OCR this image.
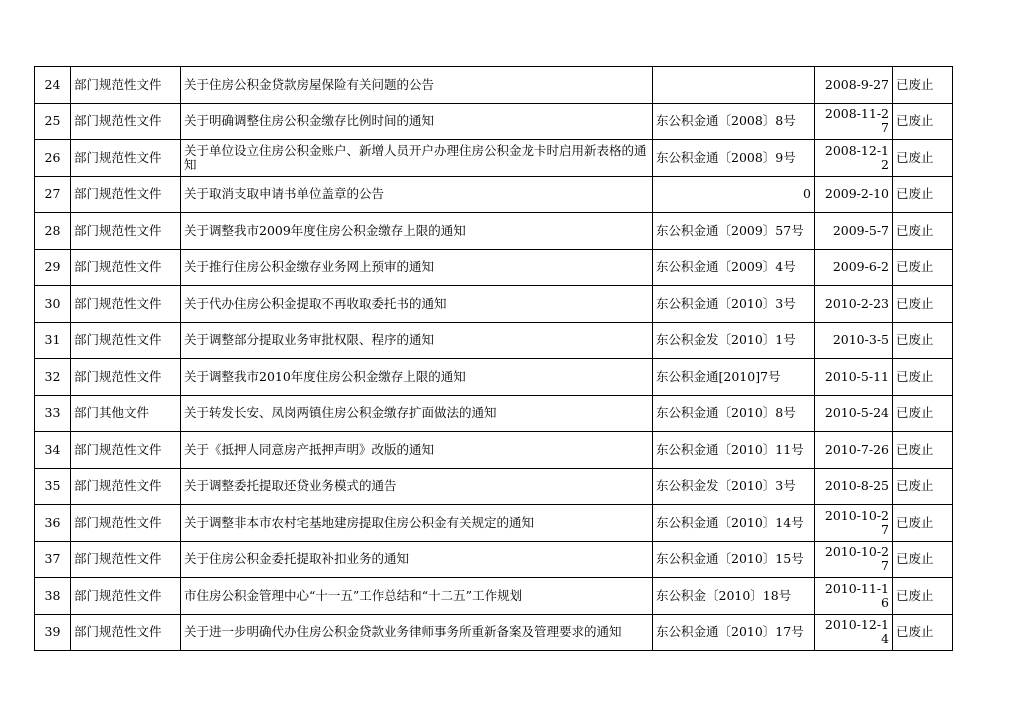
24	部门规范性文件	关于住房公积金贷款房屋保险有关问题的公告		2008-9-27	已废止
25	部门规范性文件	关于明确调整住房公积金缴存比例时间的通知	东公积金通〔2008〕8号	2008-11-27	已废止
26	部门规范性文件	关于单位设立住房公积金账户、新增人员开户办理住房公积金龙卡时启用新表格的通知	东公积金通〔2008〕9号	2008-12-12	已废止
27	部门规范性文件	关于取消支取申请书单位盖章的公告	0	2009-2-10	已废止
28	部门规范性文件	关于调整我市2009年度住房公积金缴存上限的通知	东公积金通〔2009〕57号	2009-5-7	已废止
29	部门规范性文件	关于推行住房公积金缴存业务网上预审的通知	东公积金通〔2009〕4号	2009-6-2	已废止
30	部门规范性文件	关于代办住房公积金提取不再收取委托书的通知	东公积金通〔2010〕3号	2010-2-23	已废止
31	部门规范性文件	关于调整部分提取业务审批权限、程序的通知	东公积金发〔2010〕1号	2010-3-5	已废止
32	部门规范性文件	关于调整我市2010年度住房公积金缴存上限的通知	东公积金通[2010]7号	2010-5-11	已废止
33	部门其他文件	关于转发长安、凤岗两镇住房公积金缴存扩面做法的通知	东公积金通〔2010〕8号	2010-5-24	已废止
34	部门规范性文件	关于《抵押人同意房产抵押声明》改版的通知	东公积金通〔2010〕11号	2010-7-26	已废止
35	部门规范性文件	关于调整委托提取还贷业务模式的通告	东公积金发〔2010〕3号	2010-8-25	已废止
36	部门规范性文件	关于调整非本市农村宅基地建房提取住房公积金有关规定的通知	东公积金通〔2010〕14号	2010-10-27	已废止
37	部门规范性文件	关于住房公积金委托提取补扣业务的通知	东公积金通〔2010〕15号	2010-10-27	已废止
38	部门规范性文件	市住房公积金管理中心“十一五”工作总结和“十二五”工作规划	东公积金〔2010〕18号	2010-11-16	已废止
39	部门规范性文件	关于进一步明确代办住房公积金贷款业务律师事务所重新备案及管理要求的通知	东公积金通〔2010〕17号	2010-12-14	已废止
